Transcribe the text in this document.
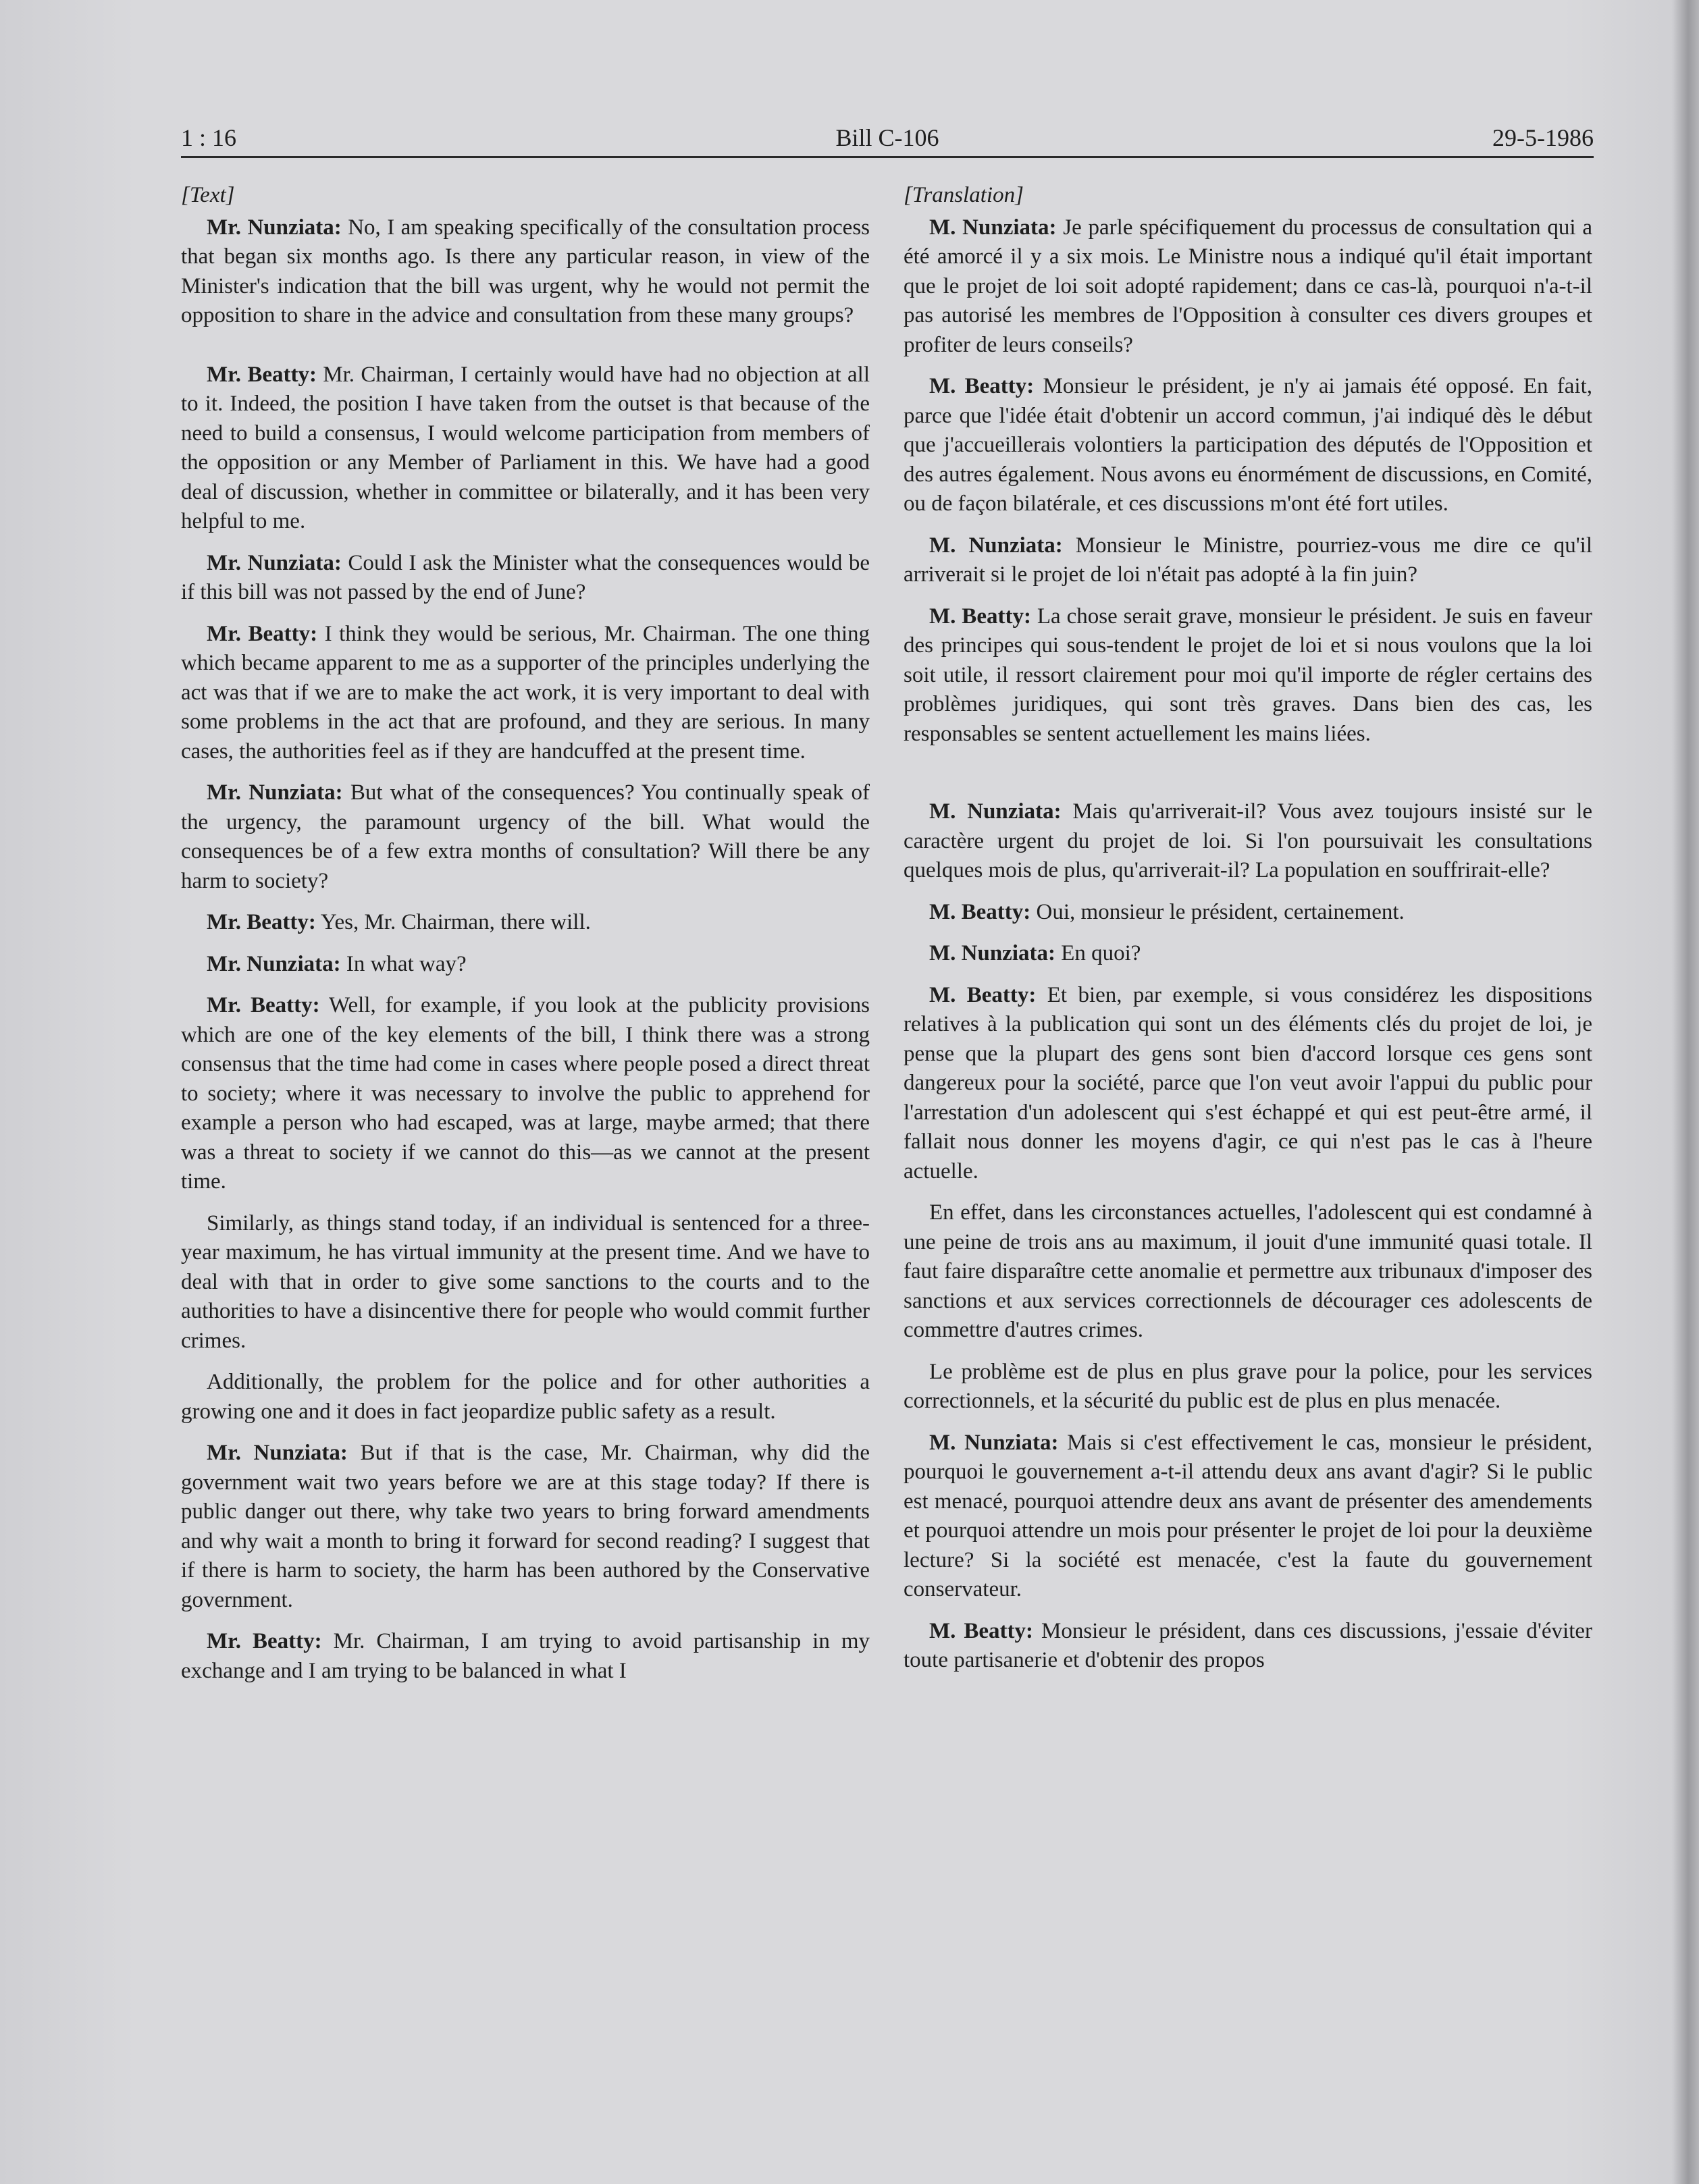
1 : 16	Bill C-106	29-5-1986
[Text]

Mr. Nunziata: No, I am speaking specifically of the consultation process that began six months ago. Is there any particular reason, in view of the Minister's indication that the bill was urgent, why he would not permit the opposition to share in the advice and consultation from these many groups?

Mr. Beatty: Mr. Chairman, I certainly would have had no objection at all to it. Indeed, the position I have taken from the outset is that because of the need to build a consensus, I would welcome participation from members of the opposition or any Member of Parliament in this. We have had a good deal of discussion, whether in committee or bilaterally, and it has been very helpful to me.

Mr. Nunziata: Could I ask the Minister what the consequences would be if this bill was not passed by the end of June?

Mr. Beatty: I think they would be serious, Mr. Chairman. The one thing which became apparent to me as a supporter of the principles underlying the act was that if we are to make the act work, it is very important to deal with some problems in the act that are profound, and they are serious. In many cases, the authorities feel as if they are handcuffed at the present time.

Mr. Nunziata: But what of the consequences? You continually speak of the urgency, the paramount urgency of the bill. What would the consequences be of a few extra months of consultation? Will there be any harm to society?

Mr. Beatty: Yes, Mr. Chairman, there will.

Mr. Nunziata: In what way?

Mr. Beatty: Well, for example, if you look at the publicity provisions which are one of the key elements of the bill, I think there was a strong consensus that the time had come in cases where people posed a direct threat to society; where it was necessary to involve the public to apprehend for example a person who had escaped, was at large, maybe armed; that there was a threat to society if we cannot do this—as we cannot at the present time.

Similarly, as things stand today, if an individual is sentenced for a three-year maximum, he has virtual immunity at the present time. And we have to deal with that in order to give some sanctions to the courts and to the authorities to have a disincentive there for people who would commit further crimes.

Additionally, the problem for the police and for other authorities a growing one and it does in fact jeopardize public safety as a result.

Mr. Nunziata: But if that is the case, Mr. Chairman, why did the government wait two years before we are at this stage today? If there is public danger out there, why take two years to bring forward amendments and why wait a month to bring it forward for second reading? I suggest that if there is harm to society, the harm has been authored by the Conservative government.

Mr. Beatty: Mr. Chairman, I am trying to avoid partisanship in my exchange and I am trying to be balanced in what I

[Translation]

M. Nunziata: Je parle spécifiquement du processus de consultation qui a été amorcé il y a six mois. Le Ministre nous a indiqué qu'il était important que le projet de loi soit adopté rapidement; dans ce cas-là, pourquoi n'a-t-il pas autorisé les membres de l'Opposition à consulter ces divers groupes et profiter de leurs conseils?

M. Beatty: Monsieur le président, je n'y ai jamais été opposé. En fait, parce que l'idée était d'obtenir un accord commun, j'ai indiqué dès le début que j'accueillerais volontiers la participation des députés de l'Opposition et des autres également. Nous avons eu énormément de discussions, en Comité, ou de façon bilatérale, et ces discussions m'ont été fort utiles.

M. Nunziata: Monsieur le Ministre, pourriez-vous me dire ce qu'il arriverait si le projet de loi n'était pas adopté à la fin juin?

M. Beatty: La chose serait grave, monsieur le président. Je suis en faveur des principes qui sous-tendent le projet de loi et si nous voulons que la loi soit utile, il ressort clairement pour moi qu'il importe de régler certains des problèmes juridiques, qui sont très graves. Dans bien des cas, les responsables se sentent actuellement les mains liées.

M. Nunziata: Mais qu'arriverait-il? Vous avez toujours insisté sur le caractère urgent du projet de loi. Si l'on poursuivait les consultations quelques mois de plus, qu'arriverait-il? La population en souffrirait-elle?

M. Beatty: Oui, monsieur le président, certainement.

M. Nunziata: En quoi?

M. Beatty: Et bien, par exemple, si vous considérez les dispositions relatives à la publication qui sont un des éléments clés du projet de loi, je pense que la plupart des gens sont bien d'accord lorsque ces gens sont dangereux pour la société, parce que l'on veut avoir l'appui du public pour l'arrestation d'un adolescent qui s'est échappé et qui est peut-être armé, il fallait nous donner les moyens d'agir, ce qui n'est pas le cas à l'heure actuelle.

En effet, dans les circonstances actuelles, l'adolescent qui est condamné à une peine de trois ans au maximum, il jouit d'une immunité quasi totale. Il faut faire disparaître cette anomalie et permettre aux tribunaux d'imposer des sanctions et aux services correctionnels de décourager ces adolescents de commettre d'autres crimes.

Le problème est de plus en plus grave pour la police, pour les services correctionnels, et la sécurité du public est de plus en plus menacée.

M. Nunziata: Mais si c'est effectivement le cas, monsieur le président, pourquoi le gouvernement a-t-il attendu deux ans avant d'agir? Si le public est menacé, pourquoi attendre deux ans avant de présenter des amendements et pourquoi attendre un mois pour présenter le projet de loi pour la deuxième lecture? Si la société est menacée, c'est la faute du gouvernement conservateur.

M. Beatty: Monsieur le président, dans ces discussions, j'essaie d'éviter toute partisanerie et d'obtenir des propos
